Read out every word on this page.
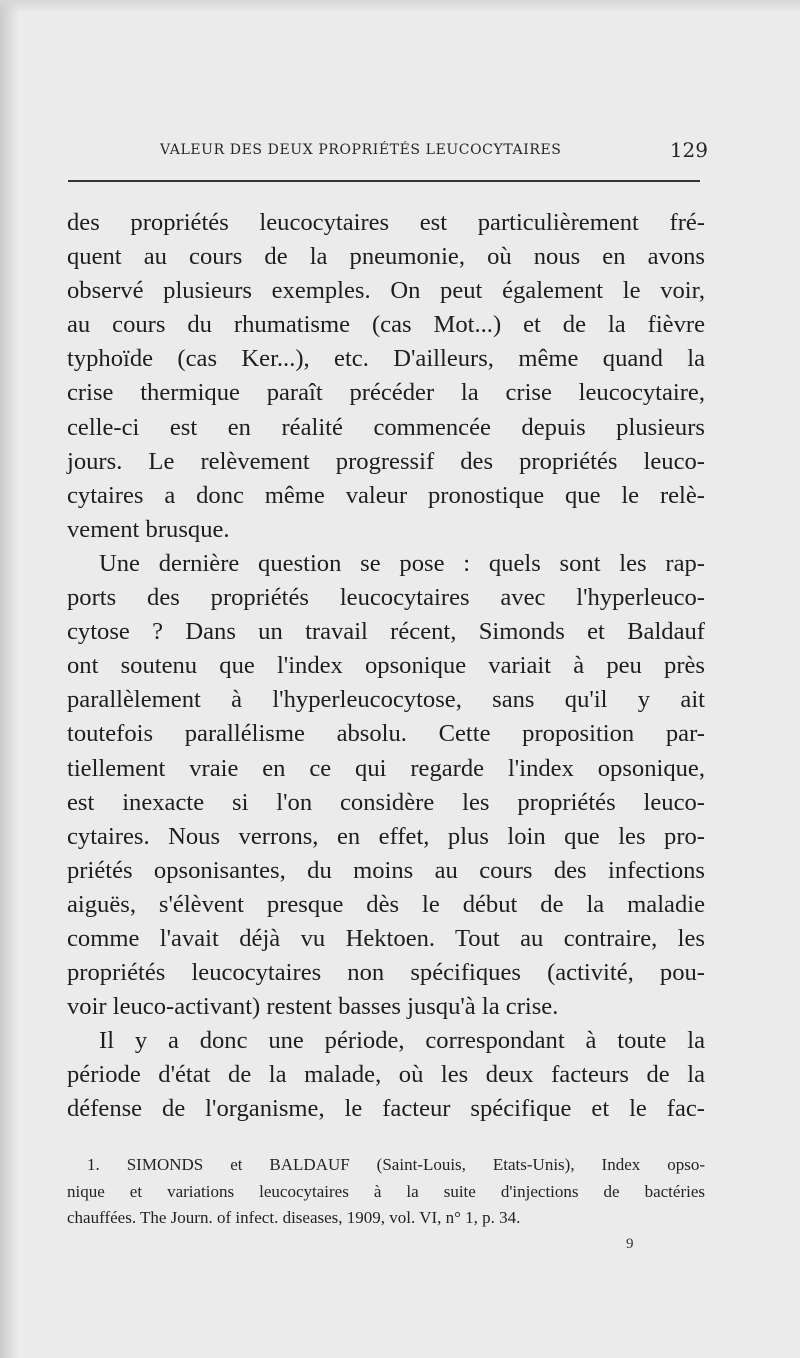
VALEUR DES DEUX PROPRIÉTÉS LEUCOCYTAIRES	129
des propriétés leucocytaires est particulièrement fré-
quent au cours de la pneumonie, où nous en avons
observé plusieurs exemples. On peut également le voir,
au cours du rhumatisme (cas Mot...) et de la fièvre
typhoïde (cas Ker...), etc. D'ailleurs, même quand la
crise thermique paraît précéder la crise leucocytaire,
celle-ci est en réalité commencée depuis plusieurs
jours. Le relèvement progressif des propriétés leuco-
cytaires a donc même valeur pronostique que le relè-
vement brusque.
Une dernière question se pose : quels sont les rap-
ports des propriétés leucocytaires avec l'hyperleuco-
cytose ? Dans un travail récent, Simonds et Baldauf
ont soutenu que l'index opsonique variait à peu près
parallèlement à l'hyperleucocytose, sans qu'il y ait
toutefois parallélisme absolu. Cette proposition par-
tiellement vraie en ce qui regarde l'index opsonique,
est inexacte si l'on considère les propriétés leuco-
cytaires. Nous verrons, en effet, plus loin que les pro-
priétés opsonisantes, du moins au cours des infections
aiguës, s'élèvent presque dès le début de la maladie
comme l'avait déjà vu Hektoen. Tout au contraire, les
propriétés leucocytaires non spécifiques (activité, pou-
voir leuco-activant) restent basses jusqu'à la crise.
Il y a donc une période, correspondant à toute la
période d'état de la malade, où les deux facteurs de la
défense de l'organisme, le facteur spécifique et le fac-
1. SIMONDS et BALDAUF (Saint-Louis, Etats-Unis), Index opso-
nique et variations leucocytaires à la suite d'injections de bactéries
chauffées. The Journ. of infect. diseases, 1909, vol. VI, n° 1, p. 34.
9
